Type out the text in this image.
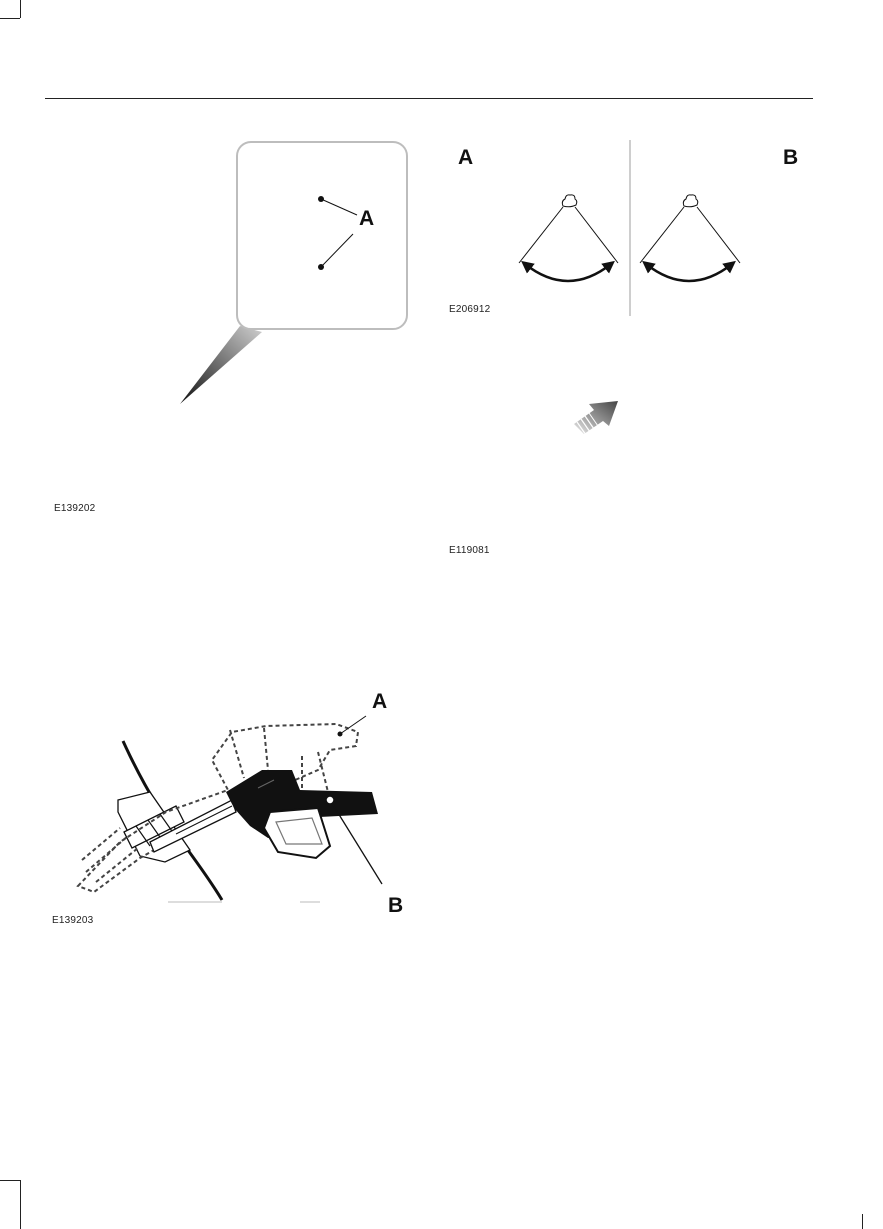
A
E139202
A	B
E206912
E119081
A
B
E139203
